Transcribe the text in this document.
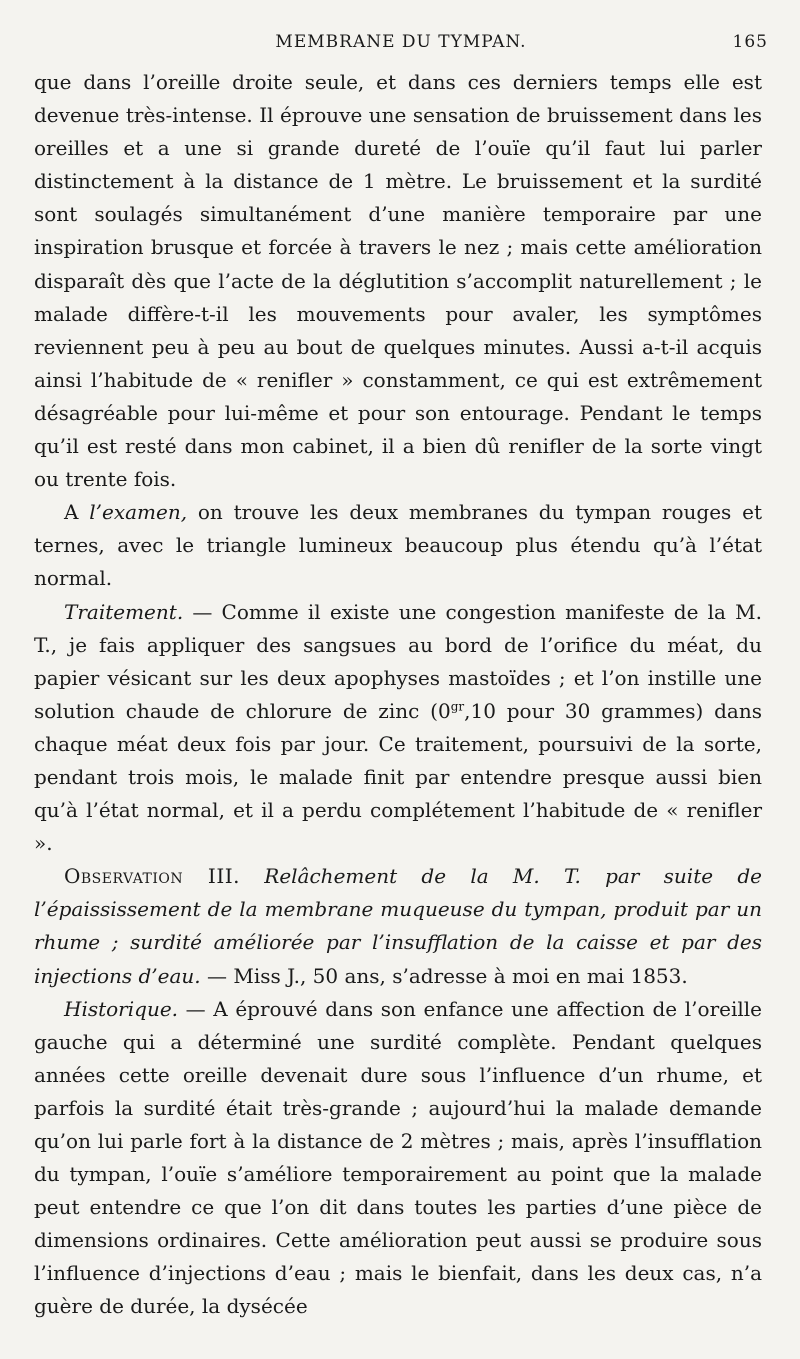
MEMBRANE DU TYMPAN.	165

que dans l’oreille droite seule, et dans ces derniers temps elle est devenue très-intense. Il éprouve une sensation de bruissement dans les oreilles et a une si grande dureté de l’ouïe qu’il faut lui parler distinctement à la distance de 1 mètre. Le bruissement et la surdité sont soulagés simultanément d’une manière temporaire par une inspiration brusque et forcée à travers le nez ; mais cette amélioration disparaît dès que l’acte de la déglutition s’accomplit naturellement ; le malade diffère-t-il les mouvements pour avaler, les symptômes reviennent peu à peu au bout de quelques minutes. Aussi a-t-il acquis ainsi l’habitude de « renifler » constamment, ce qui est extrêmement désagréable pour lui-même et pour son entourage. Pendant le temps qu’il est resté dans mon cabinet, il a bien dû renifler de la sorte vingt ou trente fois.

A l’examen, on trouve les deux membranes du tympan rouges et ternes, avec le triangle lumineux beaucoup plus étendu qu’à l’état normal.

Traitement. — Comme il existe une congestion manifeste de la M. T., je fais appliquer des sangsues au bord de l’orifice du méat, du papier vésicant sur les deux apophyses mastoïdes ; et l’on instille une solution chaude de chlorure de zinc ($0^{gr},10$ pour 30 grammes) dans chaque méat deux fois par jour. Ce traitement, poursuivi de la sorte, pendant trois mois, le malade finit par entendre presque aussi bien qu’à l’état normal, et il a perdu complétement l’habitude de « renifler ».

Observation III. Relâchement de la M. T. par suite de l’épaississement de la membrane muqueuse du tympan, produit par un rhume ; surdité améliorée par l’insufflation de la caisse et par des injections d’eau. — Miss J., 50 ans, s’adresse à moi en mai 1853.

Historique. — A éprouvé dans son enfance une affection de l’oreille gauche qui a déterminé une surdité complète. Pendant quelques années cette oreille devenait dure sous l’influence d’un rhume, et parfois la surdité était très-grande ; aujourd’hui la malade demande qu’on lui parle fort à la distance de 2 mètres ; mais, après l’insufflation du tympan, l’ouïe s’améliore temporairement au point que la malade peut entendre ce que l’on dit dans toutes les parties d’une pièce de dimensions ordinaires. Cette amélioration peut aussi se produire sous l’influence d’injections d’eau ; mais le bienfait, dans les deux cas, n’a guère de durée, la dysécée
